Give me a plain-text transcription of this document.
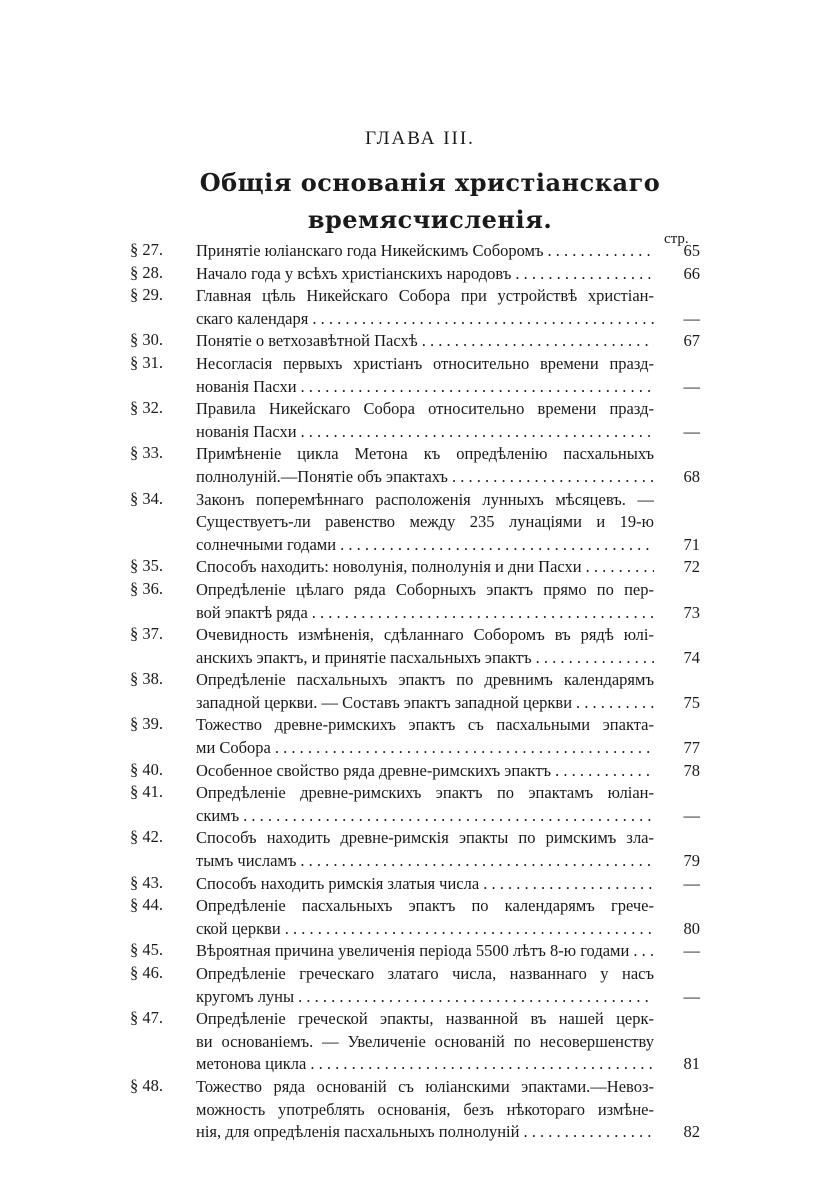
ГЛАВА III.
Общія основанія христіанскаго
времясчисленія.
стр.
§ 27.	Принятіе юліанскаго года Никейскимъ Соборомъ . . .	65
§ 28.	Начало года у всѣхъ христіанскихъ народовъ . . .	66
§ 29.	Главная цѣль Никейскаго Собора при устройствѣ христіан-
скаго календаря . . .	—
§ 30.	Понятіе о ветхозавѣтной Пасхѣ . . .	67
§ 31.	Несогласія первыхъ христіанъ относительно времени празд-
нованія Пасхи . . .	—
§ 32.	Правила Никейскаго Собора относительно времени празд-
нованія Пасхи . . .	—
§ 33.	Примѣненіе цикла Метона къ опредѣленію пасхальныхъ
полнолуній.—Понятіе объ эпактахъ . . .	68
§ 34.	Законъ поперемѣннаго расположенія лунныхъ мѣсяцевъ. —
Существуетъ-ли равенство между 235 лунаціями и 19-ю
солнечными годами . . .	71
§ 35.	Способъ находить: новолунія, полнолунія и дни Пасхи . . .	72
§ 36.	Опредѣленіе цѣлаго ряда Соборныхъ эпактъ прямо по пер-
вой эпактѣ ряда . . .	73
§ 37.	Очевидность измѣненія, сдѣланнаго Соборомъ въ рядѣ юлі-
анскихъ эпактъ, и принятіе пасхальныхъ эпактъ . . .	74
§ 38.	Опредѣленіе пасхальныхъ эпактъ по древнимъ календарямъ
западной церкви. — Составъ эпактъ западной церкви . . .	75
§ 39.	Тожество древне-римскихъ эпактъ съ пасхальными эпакта-
ми Собора . . .	77
§ 40.	Особенное свойство ряда древне-римскихъ эпактъ . . .	78
§ 41.	Опредѣленіе древне-римскихъ эпактъ по эпактамъ юліан-
скимъ . . .	—
§ 42.	Способъ находить древне-римскія эпакты по римскимъ зла-
тымъ числамъ . . .	79
§ 43.	Способъ находить римскія златыя числа . . .	—
§ 44.	Опредѣленіе пасхальныхъ эпактъ по календарямъ грече-
ской церкви . . .	80
§ 45.	Вѣроятная причина увеличенія періода 5500 лѣтъ 8-ю годами . . .	—
§ 46.	Опредѣленіе греческаго златаго числа, названнаго у насъ
кругомъ луны . . .	—
§ 47.	Опредѣленіе греческой эпакты, названной въ нашей церк-
ви основаніемъ. — Увеличеніе основаній по несовершенству
метонова цикла . . .	81
§ 48.	Тожество ряда основаній съ юліанскими эпактами.—Невоз-
можность употреблять основанія, безъ нѣкотораго измѣне-
нія, для опредѣленія пасхальныхъ полнолуній . . .	82
